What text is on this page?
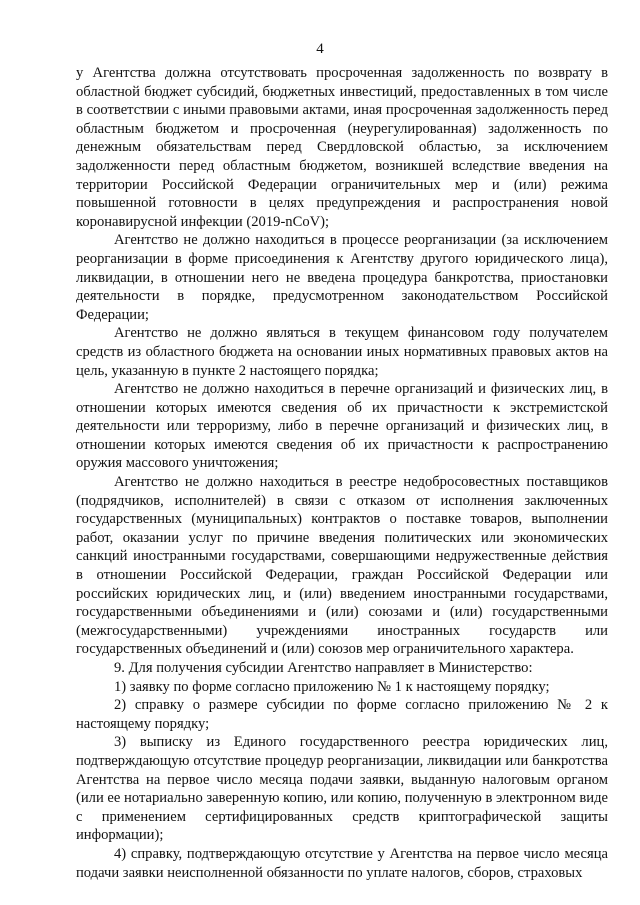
4

у Агентства должна отсутствовать просроченная задолженность по возврату в областной бюджет субсидий, бюджетных инвестиций, предоставленных в том числе в соответствии с иными правовыми актами, иная просроченная задолженность перед областным бюджетом и просроченная (неурегулированная) задолженность по денежным обязательствам перед Свердловской областью, за исключением задолженности перед областным бюджетом, возникшей вследствие введения на территории Российской Федерации ограничительных мер и (или) режима повышенной готовности в целях предупреждения и распространения новой коронавирусной инфекции (2019-nCoV);

Агентство не должно находиться в процессе реорганизации (за исключением реорганизации в форме присоединения к Агентству другого юридического лица), ликвидации, в отношении него не введена процедура банкротства, приостановки деятельности в порядке, предусмотренном законодательством Российской Федерации;

Агентство не должно являться в текущем финансовом году получателем средств из областного бюджета на основании иных нормативных правовых актов на цель, указанную в пункте 2 настоящего порядка;

Агентство не должно находиться в перечне организаций и физических лиц, в отношении которых имеются сведения об их причастности к экстремистской деятельности или терроризму, либо в перечне организаций и физических лиц, в отношении которых имеются сведения об их причастности к распространению оружия массового уничтожения;

Агентство не должно находиться в реестре недобросовестных поставщиков (подрядчиков, исполнителей) в связи с отказом от исполнения заключенных государственных (муниципальных) контрактов о поставке товаров, выполнении работ, оказании услуг по причине введения политических или экономических санкций иностранными государствами, совершающими недружественные действия в отношении Российской Федерации, граждан Российской Федерации или российских юридических лиц, и (или) введением иностранными государствами, государственными объединениями и (или) союзами и (или) государственными (межгосударственными) учреждениями иностранных государств или государственных объединений и (или) союзов мер ограничительного характера.

9. Для получения субсидии Агентство направляет в Министерство:

1) заявку по форме согласно приложению № 1 к настоящему порядку;

2) справку о размере субсидии по форме согласно приложению № 2 к настоящему порядку;

3) выписку из Единого государственного реестра юридических лиц, подтверждающую отсутствие процедур реорганизации, ликвидации или банкротства Агентства на первое число месяца подачи заявки, выданную налоговым органом (или ее нотариально заверенную копию, или копию, полученную в электронном виде с применением сертифицированных средств криптографической защиты информации);

4) справку, подтверждающую отсутствие у Агентства на первое число месяца подачи заявки неисполненной обязанности по уплате налогов, сборов, страховых
